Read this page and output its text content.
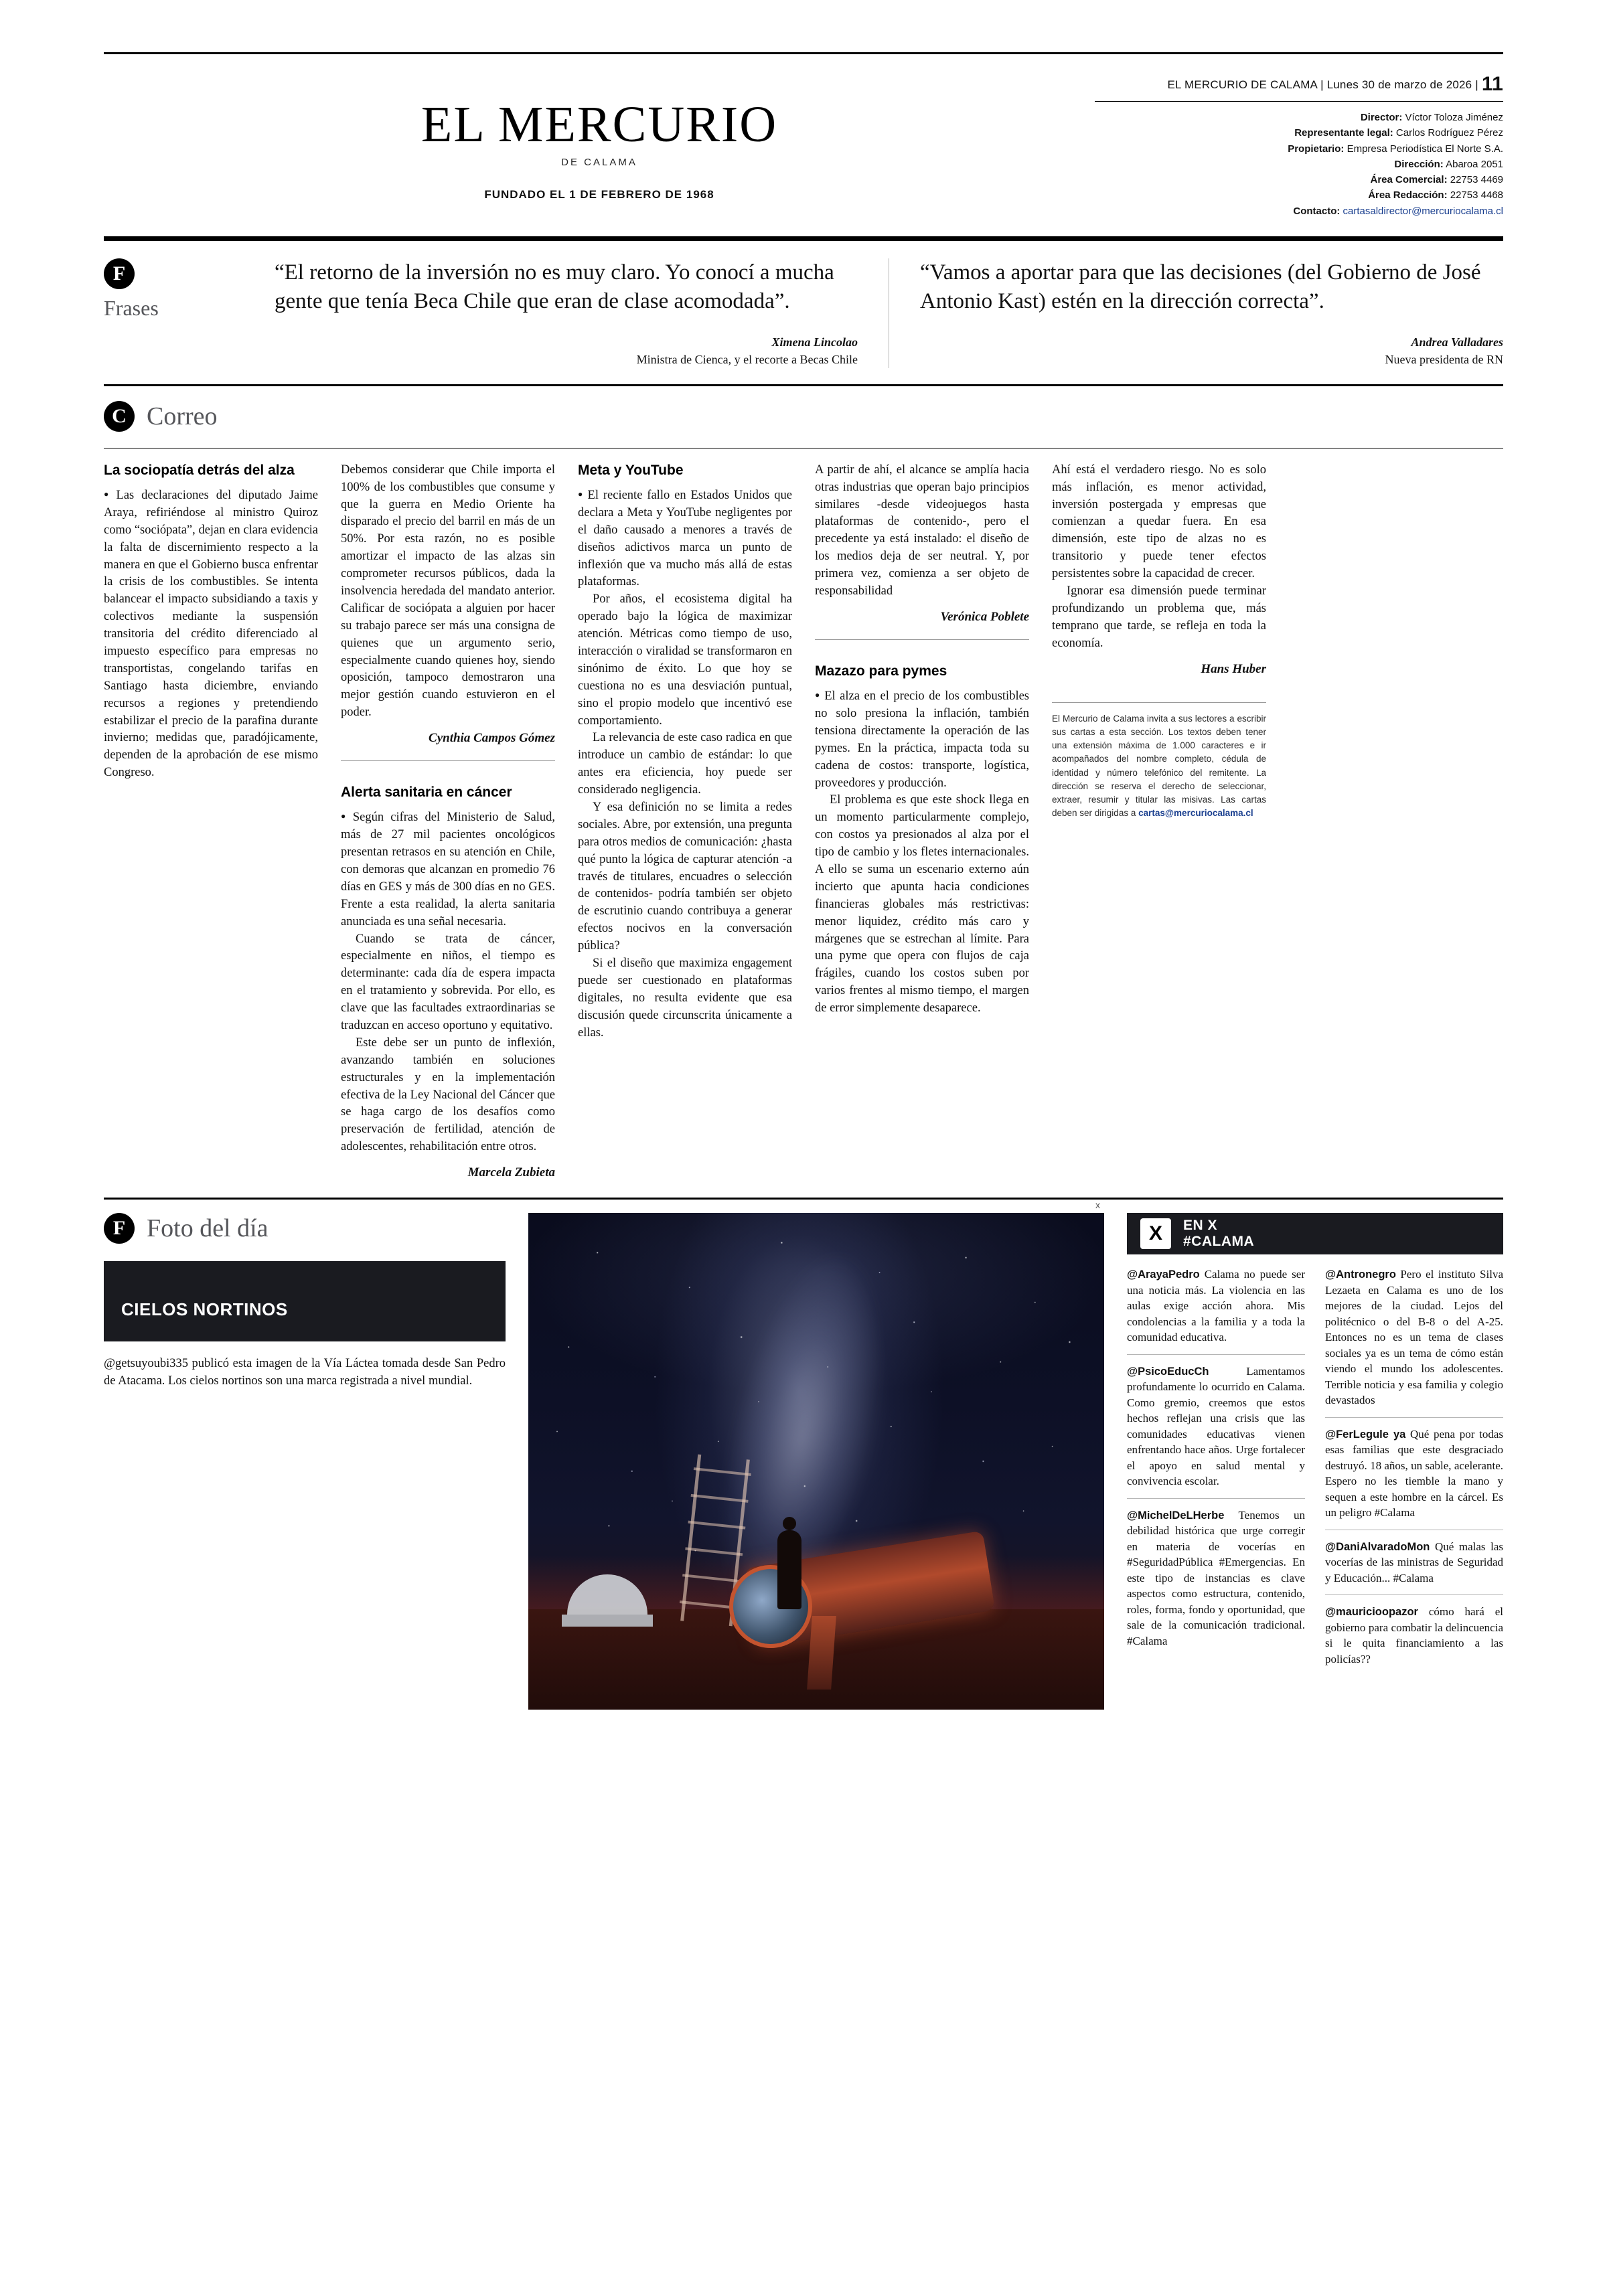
EL MERCURIO
DE CALAMA
FUNDADO EL 1 DE FEBRERO DE 1968
EL MERCURIO DE CALAMA | Lunes 30 de marzo de 2026 | 11
Director: Víctor Toloza Jiménez
Representante legal: Carlos Rodríguez Pérez
Propietario: Empresa Periodística El Norte S.A.
Dirección: Abaroa 2051
Área Comercial: 22753 4469
Área Redacción: 22753 4468
Contacto: cartasaldirector@mercuriocalama.cl
F
Frases
“El retorno de la inversión no es muy claro. Yo conocí a mucha gente que tenía Beca Chile que eran de clase acomodada”.
Ximena Lincolao
Ministra de Cienca, y el recorte a Becas Chile
“Vamos a aportar para que las decisiones (del Gobierno de José Antonio Kast) estén en la dirección correcta”.
Andrea Valladares
Nueva presidenta de RN
C Correo
La sociopatía detrás del alza

● Las declaraciones del diputado Jaime Araya, refiriéndose al ministro Quiroz como “sociópata”, dejan en clara evidencia la falta de discernimiento respecto a la manera en que el Gobierno busca enfrentar la crisis de los combustibles. Se intenta balancear el impacto subsidiando a taxis y colectivos mediante la suspensión transitoria del crédito diferenciado al impuesto específico para empresas no transportistas, congelando tarifas en Santiago hasta diciembre, enviando recursos a regiones y pretendiendo estabilizar el precio de la parafina durante invierno; medidas que, paradójicamente, dependen de la aprobación de ese mismo Congreso.

Debemos considerar que Chile importa el 100% de los combustibles que consume y que la guerra en Medio Oriente ha disparado el precio del barril en más de un 50%. Por esta razón, no es posible amortizar el impacto de las alzas sin comprometer recursos públicos, dada la insolvencia heredada del mandato anterior. Calificar de sociópata a alguien por hacer su trabajo parece ser más una consigna de quienes que un argumento serio, especialmente cuando quienes hoy, siendo oposición, tampoco demostraron una mejor gestión cuando estuvieron en el poder.

Cynthia Campos Gómez
Alerta sanitaria en cáncer

● Según cifras del Ministerio de Salud, más de 27 mil pacientes oncológicos presentan retrasos en su atención en Chile, con demoras que alcanzan en promedio 76 días en GES y más de 300 días en no GES. Frente a esta realidad, la alerta sanitaria anunciada es una señal necesaria.

Cuando se trata de cáncer, especialmente en niños, el tiempo es determinante: cada día de espera impacta en el tratamiento y sobrevida. Por ello, es clave que las facultades extraordinarias se traduzcan en acceso oportuno y equitativo.

Este debe ser un punto de inflexión, avanzando también en soluciones estructurales y en la implementación efectiva de la Ley Nacional del Cáncer que se haga cargo de los desafíos como preservación de fertilidad, atención de adolescentes, rehabilitación entre otros.

Marcela Zubieta
Meta y YouTube

● El reciente fallo en Estados Unidos que declara a Meta y YouTube negligentes por el daño causado a menores a través de diseños adictivos marca un punto de inflexión que va mucho más allá de estas plataformas.

Por años, el ecosistema digital ha operado bajo la lógica de maximizar atención. Métricas como tiempo de uso, interacción o viralidad se transformaron en sinónimo de éxito. Lo que hoy se cuestiona no es una desviación puntual, sino el propio modelo que incentivó ese comportamiento.

La relevancia de este caso radica en que introduce un cambio de estándar: lo que antes era eficiencia, hoy puede ser considerado negligencia.

Y esa definición no se limita a redes sociales. Abre, por extensión, una pregunta para otros medios de comunicación: ¿hasta qué punto la lógica de capturar atención -a través de titulares, encuadres o selección de contenidos- podría también ser objeto de escrutinio cuando contribuya a generar efectos nocivos en la conversación pública?

Si el diseño que maximiza engagement puede ser cuestionado en plataformas digitales, no resulta evidente que esa discusión quede circunscrita únicamente a ellas.

A partir de ahí, el alcance se amplía hacia otras industrias que operan bajo principios similares -desde videojuegos hasta plataformas de contenido-, pero el precedente ya está instalado: el diseño de los medios deja de ser neutral. Y, por primera vez, comienza a ser objeto de responsabilidad

Verónica Poblete
Mazazo para pymes

● El alza en el precio de los combustibles no solo presiona la inflación, también tensiona directamente la operación de las pymes. En la práctica, impacta toda su cadena de costos: transporte, logística, proveedores y producción.

El problema es que este shock llega en un momento particularmente complejo, con costos ya presionados al alza por el tipo de cambio y los fletes internacionales. A ello se suma un escenario externo aún incierto que apunta hacia condiciones financieras globales más restrictivas: menor liquidez, crédito más caro y márgenes que se estrechan al límite. Para una pyme que opera con flujos de caja frágiles, cuando los costos suben por varios frentes al mismo tiempo, el margen de error simplemente desaparece.

Ahí está el verdadero riesgo. No es solo más inflación, es menor actividad, inversión postergada y empresas que comienzan a quedar fuera. En esa dimensión, este tipo de alzas no es transitorio y puede tener efectos persistentes sobre la capacidad de crecer.

Ignorar esa dimensión puede terminar profundizando un problema que, más temprano que tarde, se refleja en toda la economía.

Hans Huber
El Mercurio de Calama invita a sus lectores a escribir sus cartas a esta sección. Los textos deben tener una extensión máxima de 1.000 caracteres e ir acompañados del nombre completo, cédula de identidad y número telefónico del remitente. La dirección se reserva el derecho de seleccionar, extraer, resumir y titular las misivas. Las cartas deben ser dirigidas a cartas@mercuriocalama.cl
F Foto del día
CIELOS NORTINOS
@getsuyoubi335 publicó esta imagen de la Vía Láctea tomada desde San Pedro de Atacama. Los cielos nortinos son una marca registrada a nivel mundial.
x
X	EN X
#CALAMA
@ArayaPedro Calama no puede ser una noticia más. La violencia en las aulas exige acción ahora. Mis condolencias a la familia y a toda la comunidad educativa.
@PsicoEducCh	Lamentamos profundamente lo ocurrido en Calama. Como gremio, creemos que estos hechos reflejan una crisis que las comunidades educativas vienen enfrentando hace años. Urge fortalecer el apoyo en salud mental y convivencia escolar.
@MichelDeLHerbe Tenemos un debilidad histórica que urge corregir en materia de vocerías en #SeguridadPública #Emergencias. En este tipo de instancias es clave aspectos como estructura, contenido, roles, forma, fondo y oportunidad, que sale de la comunicación tradicional. #Calama
@Antronegro Pero el instituto Silva Lezaeta en Calama es uno de los mejores de la ciudad. Lejos del politécnico o del B-8 o del A-25. Entonces no es un tema de clases sociales ya es un tema de cómo están viendo el mundo los adolescentes. Terrible noticia y esa familia y colegio devastados
@FerLegule ya Qué pena por todas esas familias que este desgraciado destruyó. 18 años, un sable, acelerante. Espero no les tiemble la mano y sequen a este hombre en la cárcel. Es un peligro #Calama
@DaniAlvaradoMon Qué malas las vocerías de las ministras de Seguridad y Educación... #Calama
@mauricioopazor cómo hará el gobierno para combatir la delincuencia si le quita financiamiento a las policías??
